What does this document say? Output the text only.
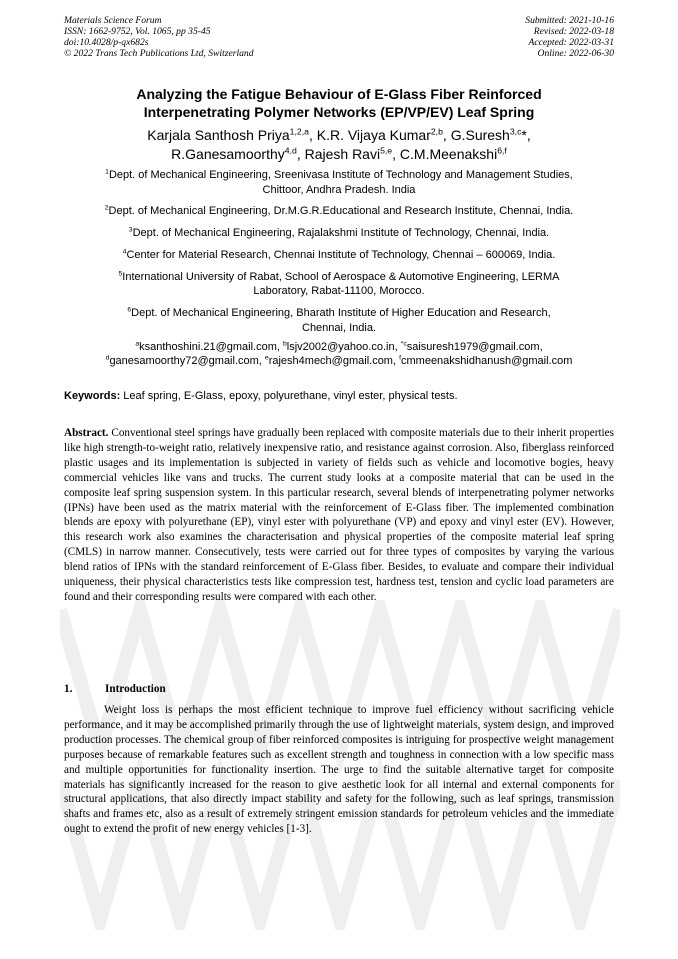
Materials Science Forum
ISSN: 1662-9752, Vol. 1065, pp 35-45
doi:10.4028/p-qx682s
© 2022 Trans Tech Publications Ltd, Switzerland
Submitted: 2021-10-16
Revised: 2022-03-18
Accepted: 2022-03-31
Online: 2022-06-30
Analyzing the Fatigue Behaviour of E-Glass Fiber Reinforced
Interpenetrating Polymer Networks (EP/VP/EV) Leaf Spring
Karjala Santhosh Priya$^{1,2,a}$, K.R. Vijaya Kumar$^{2,b}$, G.Suresh$^{3,c}$*,
R.Ganesamoorthy$^{4,d}$, Rajesh Ravi$^{5,e}$, C.M.Meenakshi$^{6,f}$

$^1$Dept. of Mechanical Engineering, Sreenivasa Institute of Technology and Management Studies,
Chittoor, Andhra Pradesh. India

$^2$Dept. of Mechanical Engineering, Dr.M.G.R.Educational and Research Institute, Chennai, India.

$^3$Dept. of Mechanical Engineering, Rajalakshmi Institute of Technology, Chennai, India.

$^4$Center for Material Research, Chennai Institute of Technology, Chennai – 600069, India.

$^5$International University of Rabat, School of Aerospace & Automotive Engineering, LERMA
Laboratory, Rabat-11100, Morocco.

$^6$Dept. of Mechanical Engineering, Bharath Institute of Higher Education and Research,
Chennai, India.

$^a$ksanthoshini.21@gmail.com, $^b$lsjv2002@yahoo.co.in, $^{*c}$saisuresh1979@gmail.com,
$^d$ganesamoorthy72@gmail.com, $^e$rajesh4mech@gmail.com, $^f$cmmeenakshidhanush@gmail.com
Keywords: Leaf spring, E-Glass, epoxy, polyurethane, vinyl ester, physical tests.

Abstract. Conventional steel springs have gradually been replaced with composite materials due to their inherit properties like high strength-to-weight ratio, relatively inexpensive ratio, and resistance against corrosion. Also, fiberglass reinforced plastic usages and its implementation is subjected in variety of fields such as vehicle and locomotive bogies, heavy commercial vehicles like vans and trucks. The current study looks at a composite material that can be used in the composite leaf spring suspension system. In this particular research, several blends of interpenetrating polymer networks (IPNs) have been used as the matrix material with the reinforcement of E-Glass fiber. The implemented combination blends are epoxy with polyurethane (EP), vinyl ester with polyurethane (VP) and epoxy and vinyl ester (EV). However, this research work also examines the characterisation and physical properties of the composite material leaf spring (CMLS) in narrow manner. Consecutively, tests were carried out for three types of composites by varying the various blend ratios of IPNs with the standard reinforcement of E-Glass fiber. Besides, to evaluate and compare their individual uniqueness, their physical characteristics tests like compression test, hardness test, tension and cyclic load parameters are found and their corresponding results were compared with each other.

1.	Introduction

Weight loss is perhaps the most efficient technique to improve fuel efficiency without sacrificing vehicle performance, and it may be accomplished primarily through the use of lightweight materials, system design, and improved production processes. The chemical group of fiber reinforced composites is intriguing for prospective weight management purposes because of remarkable features such as excellent strength and toughness in connection with a low specific mass and multiple opportunities for functionality insertion. The urge to find the suitable alternative target for composite materials has significantly increased for the reason to give aesthetic look for all internal and external components for structural applications, that also directly impact stability and safety for the following, such as leaf springs, transmission shafts and frames etc, also as a result of extremely stringent emission standards for petroleum vehicles and the immediate ought to extend the profit of new energy vehicles [1-3].
